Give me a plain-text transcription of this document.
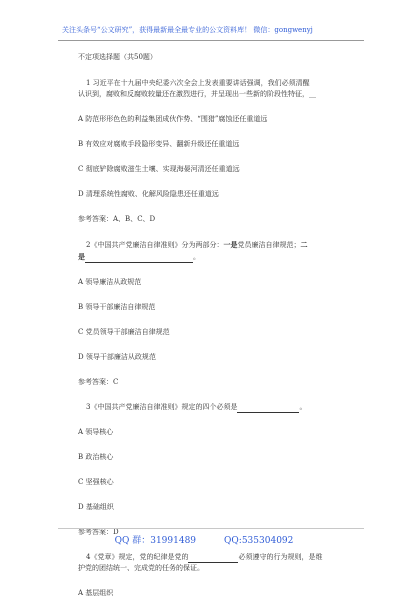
关注头条号“公文研究”，获得最新最全最专业的公文资料库！ 微信：gongwenyj
不定项选择题（共50题）
1 习近平在十九届中央纪委六次全会上发表重要讲话强调，我们必须清醒
认识到，腐败和反腐败较量还在激烈进行，并呈现出一些新的阶段性特征，__
A 防范形形色色的利益集团成伙作势、“围猎”腐蚀还任重道远
B 有效应对腐败手段隐形变异、翻新升级还任重道远
C 彻底铲除腐败滋生土壤、实现海晏河清还任重道远
D 清理系统性腐败、化解风险隐患还任重道远
参考答案：A、B、C、D
2《中国共产党廉洁自律准则》分为两部分：一是党员廉洁自律规范；二
是	。
A 领导廉洁从政规范
B 领导干部廉洁自律规范
C 党员领导干部廉洁自律规范
D 领导干部廉洁从政规范
参考答案：C
3《中国共产党廉洁自律准则》规定的四个必须是	。
A 领导核心
B 政治核心
C 坚强核心
D 基础组织
参考答案：D
4《党章》规定，党的纪律是党的	必须遵守的行为规则，是维
护党的团结统一、完成党的任务的保证。
A 基层组织
QQ 群：31991489	QQ:535304092
